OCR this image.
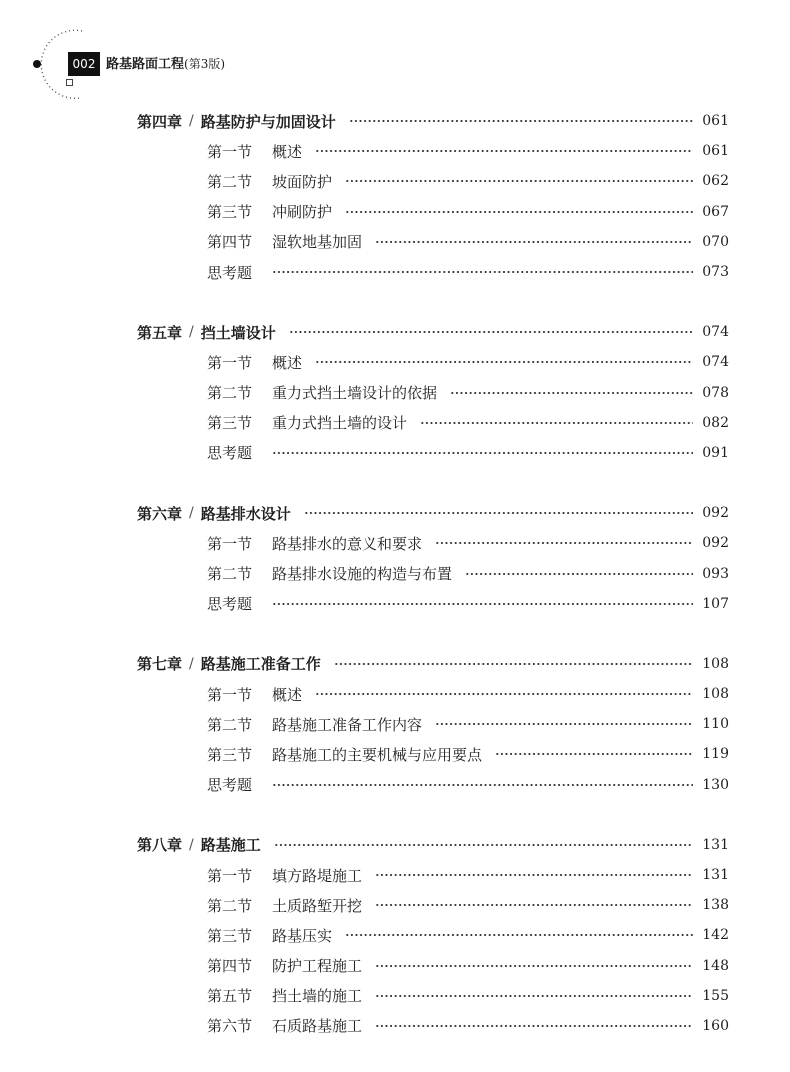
002 路基路面工程(第3版)
第四章 / 路基防护与加固设计	061
第一节	概述	061
第二节	坡面防护	062
第三节	冲刷防护	067
第四节	湿软地基加固	070
思考题	073
第五章 / 挡土墙设计	074
第一节	概述	074
第二节	重力式挡土墙设计的依据	078
第三节	重力式挡土墙的设计	082
思考题	091
第六章 / 路基排水设计	092
第一节	路基排水的意义和要求	092
第二节	路基排水设施的构造与布置	093
思考题	107
第七章 / 路基施工准备工作	108
第一节	概述	108
第二节	路基施工准备工作内容	110
第三节	路基施工的主要机械与应用要点	119
思考题	130
第八章 / 路基施工	131
第一节	填方路堤施工	131
第二节	土质路堑开挖	138
第三节	路基压实	142
第四节	防护工程施工	148
第五节	挡土墙的施工	155
第六节	石质路基施工	160
